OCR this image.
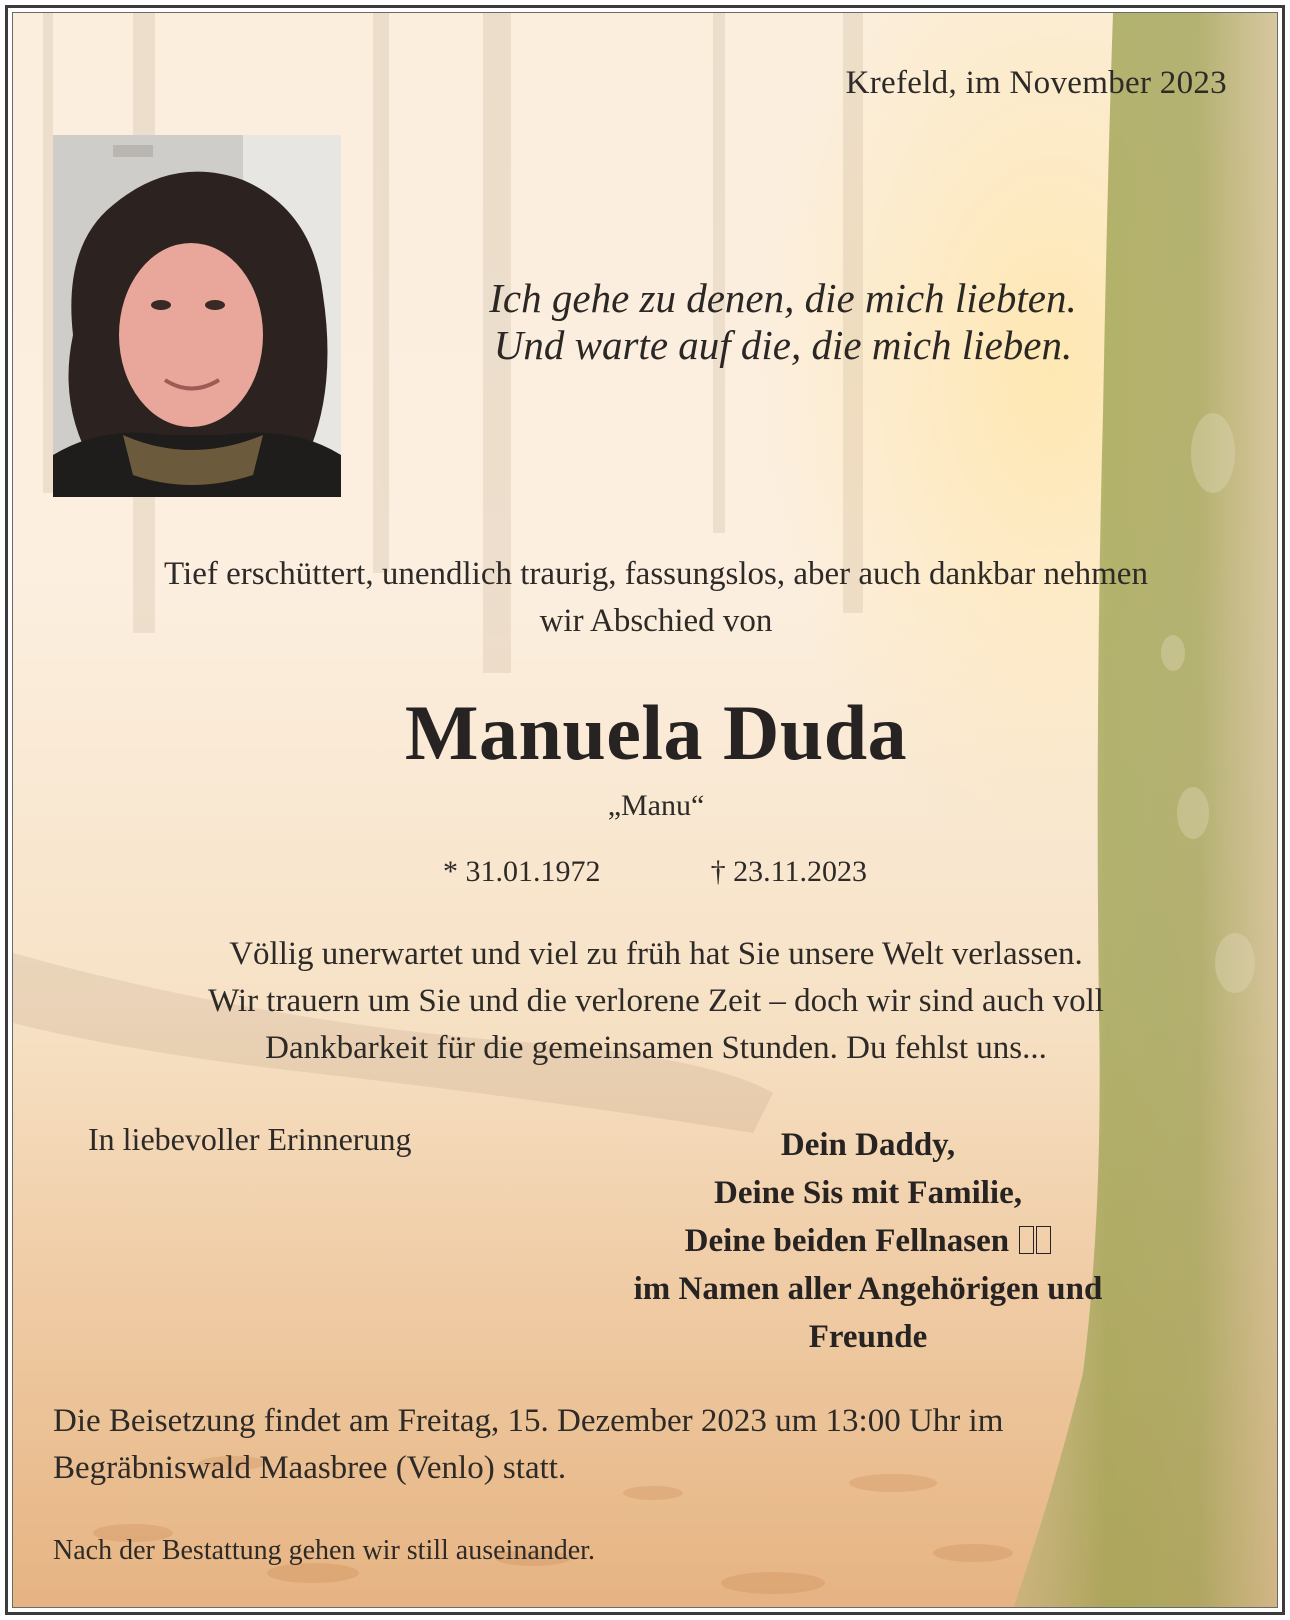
Krefeld, im November 2023
Ich gehe zu denen, die mich liebten.
Und warte auf die, die mich lieben.
Tief erschüttert, unendlich traurig, fassungslos, aber auch dankbar nehmen
wir Abschied von
Manuela Duda
„Manu“
* 31.01.1972	† 23.11.2023
Völlig unerwartet und viel zu früh hat Sie unsere Welt verlassen.
Wir trauern um Sie und die verlorene Zeit – doch wir sind auch voll
Dankbarkeit für die gemeinsamen Stunden. Du fehlst uns...
In liebevoller Erinnerung	Dein Daddy,
Deine Sis mit Familie,
Deine beiden Fellnasen
im Namen aller Angehörigen und
Freunde
Die Beisetzung findet am Freitag, 15. Dezember 2023 um 13:00 Uhr im
Begräbniswald Maasbree (Venlo) statt.
Nach der Bestattung gehen wir still auseinander.
